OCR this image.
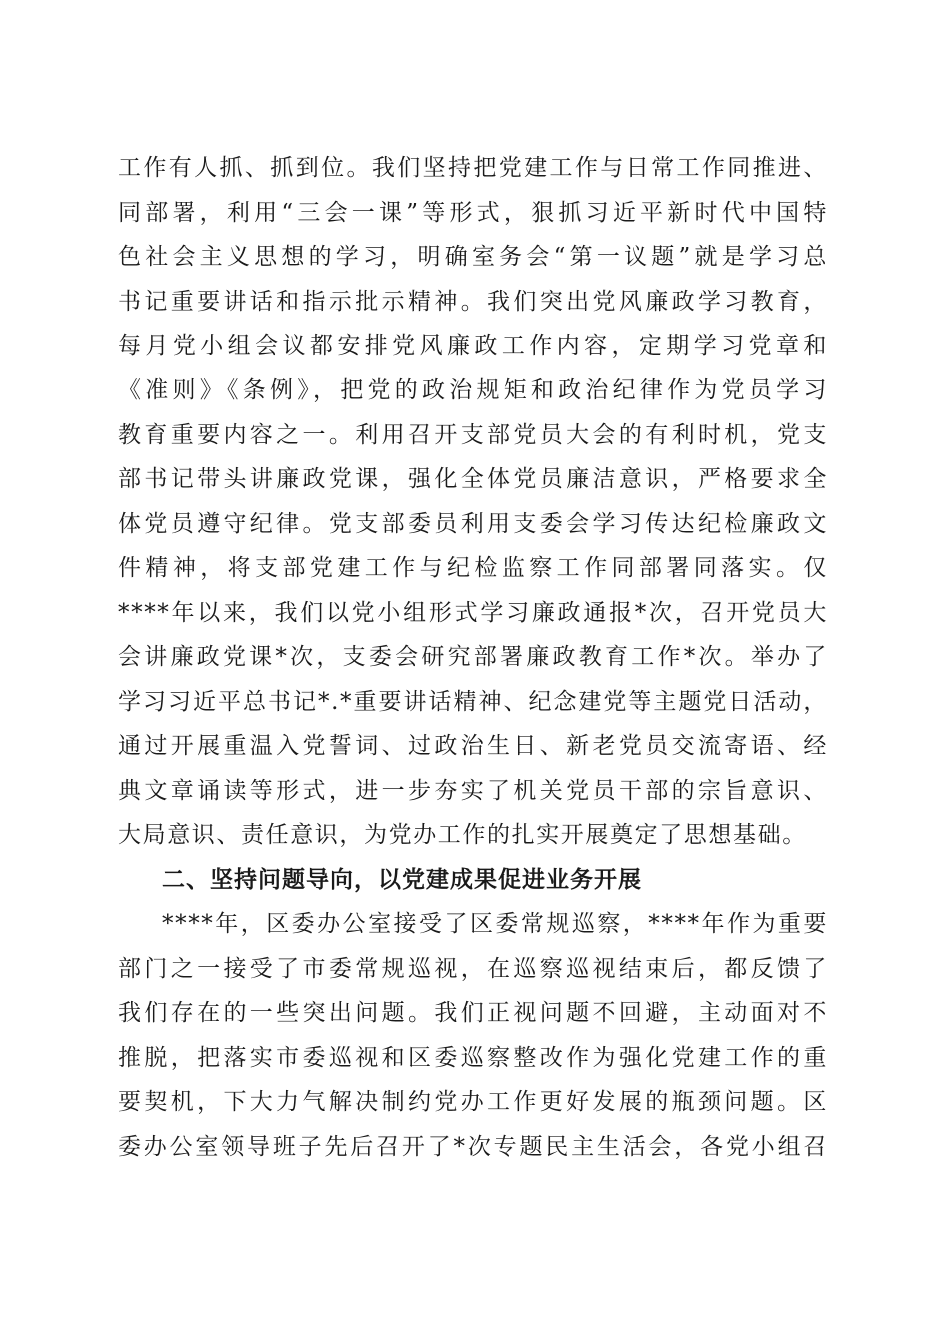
工作有人抓、抓到位。我们坚持把党建工作与日常工作同推进、
同部署，利用“三会一课”等形式，狠抓习近平新时代中国特
色社会主义思想的学习，明确室务会“第一议题”就是学习总
书记重要讲话和指示批示精神。我们突出党风廉政学习教育，
每月党小组会议都安排党风廉政工作内容，定期学习党章和
《准则》《条例》，把党的政治规矩和政治纪律作为党员学习
教育重要内容之一。利用召开支部党员大会的有利时机，党支
部书记带头讲廉政党课，强化全体党员廉洁意识，严格要求全
体党员遵守纪律。党支部委员利用支委会学习传达纪检廉政文
件精神，将支部党建工作与纪检监察工作同部署同落实。仅
****年以来，我们以党小组形式学习廉政通报*次，召开党员大
会讲廉政党课*次，支委会研究部署廉政教育工作*次。举办了
学习习近平总书记*.*重要讲话精神、纪念建党等主题党日活动，
通过开展重温入党誓词、过政治生日、新老党员交流寄语、经
典文章诵读等形式，进一步夯实了机关党员干部的宗旨意识、
大局意识、责任意识，为党办工作的扎实开展奠定了思想基础。
二、坚持问题导向，以党建成果促进业务开展
****年，区委办公室接受了区委常规巡察，****年作为重要
部门之一接受了市委常规巡视，在巡察巡视结束后，都反馈了
我们存在的一些突出问题。我们正视问题不回避，主动面对不
推脱，把落实市委巡视和区委巡察整改作为强化党建工作的重
要契机，下大力气解决制约党办工作更好发展的瓶颈问题。区
委办公室领导班子先后召开了*次专题民主生活会，各党小组召
